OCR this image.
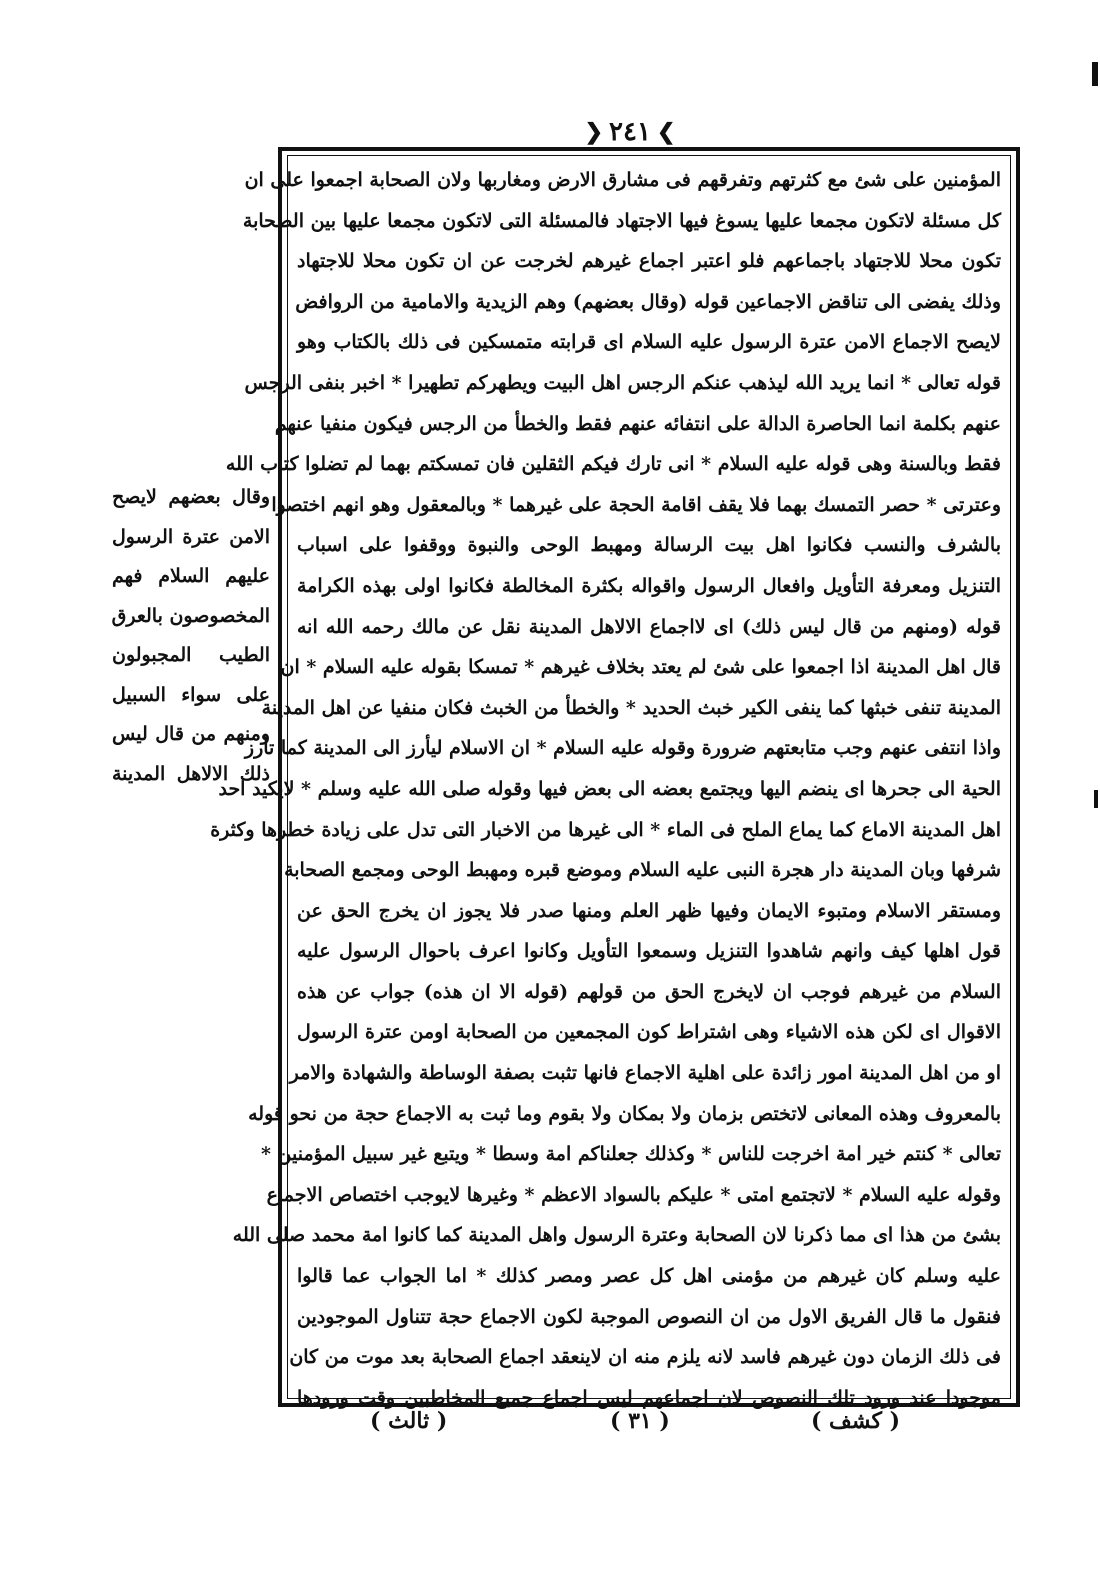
❯
٢٤١
❮
المؤمنين على شئ مع كثرتهم وتفرقهم فى مشارق الارض ومغاربها ولان الصحابة اجمعوا على ان
كل مسئلة لاتكون مجمعا عليها يسوغ فيها الاجتهاد فالمسئلة التى لاتكون مجمعا عليها بين الصحابة
تكون محلا للاجتهاد باجماعهم فلو اعتبر اجماع غيرهم لخرجت عن ان تكون محلا للاجتهاد
وذلك يفضى الى تناقض الاجماعين قوله (وقال بعضهم) وهم الزيدية والامامية من الروافض
لايصح الاجماع الامن عترة الرسول عليه السلام اى قرابته متمسكين فى ذلك بالكتاب وهو
قوله تعالى * انما يريد الله ليذهب عنكم الرجس اهل البيت ويطهركم تطهيرا * اخبر بنفى الرجس
عنهم بكلمة انما الحاصرة الدالة على انتفائه عنهم فقط والخطأ من الرجس فيكون منفيا عنهم
فقط وبالسنة وهى قوله عليه السلام * انى تارك فيكم الثقلين فان تمسكتم بهما لم تضلوا كتاب الله
وعترتى * حصر التمسك بهما فلا يقف اقامة الحجة على غيرهما * وبالمعقول وهو انهم اختصوا
بالشرف والنسب فكانوا اهل بيت الرسالة ومهبط الوحى والنبوة ووقفوا على اسباب
التنزيل ومعرفة التأويل وافعال الرسول واقواله بكثرة المخالطة فكانوا اولى بهذه الكرامة
قوله (ومنهم من قال ليس ذلك) اى لااجماع الالاهل المدينة نقل عن مالك رحمه الله انه
قال اهل المدينة اذا اجمعوا على شئ لم يعتد بخلاف غيرهم * تمسكا بقوله عليه السلام * ان
المدينة تنفى خبثها كما ينفى الكير خبث الحديد * والخطأ من الخبث فكان منفيا عن اهل المدينة
واذا انتفى عنهم وجب متابعتهم ضرورة وقوله عليه السلام * ان الاسلام ليأرز الى المدينة كما تأرز
الحية الى جحرها اى ينضم اليها ويجتمع بعضه الى بعض فيها وقوله صلى الله عليه وسلم * لايكيد احد
اهل المدينة الاماع كما يماع الملح فى الماء * الى غيرها من الاخبار التى تدل على زيادة خطرها وكثرة
شرفها وبان المدينة دار هجرة النبى عليه السلام وموضع قبره ومهبط الوحى ومجمع الصحابة
ومستقر الاسلام ومتبوء الايمان وفيها ظهر العلم ومنها صدر فلا يجوز ان يخرج الحق عن
قول اهلها كيف وانهم شاهدوا التنزيل وسمعوا التأويل وكانوا اعرف باحوال الرسول عليه
السلام من غيرهم فوجب ان لايخرج الحق من قولهم (قوله الا ان هذه) جواب عن هذه
الاقوال اى لكن هذه الاشياء وهى اشتراط كون المجمعين من الصحابة اومن عترة الرسول
او من اهل المدينة امور زائدة على اهلية الاجماع فانها تثبت بصفة الوساطة والشهادة والامر
بالمعروف وهذه المعانى لاتختص بزمان ولا بمكان ولا بقوم وما ثبت به الاجماع حجة من نحو قوله
تعالى * كنتم خير امة اخرجت للناس * وكذلك جعلناكم امة وسطا * ويتبع غير سبيل المؤمنين *
وقوله عليه السلام * لاتجتمع امتى * عليكم بالسواد الاعظم * وغيرها لايوجب اختصاص الاجماع
بشئ من هذا اى مما ذكرنا لان الصحابة وعترة الرسول واهل المدينة كما كانوا امة محمد صلى الله
عليه وسلم كان غيرهم من مؤمنى اهل كل عصر ومصر كذلك * اما الجواب عما قالوا
فنقول ما قال الفريق الاول من ان النصوص الموجبة لكون الاجماع حجة تتناول الموجودين
فى ذلك الزمان دون غيرهم فاسد لانه يلزم منه ان لاينعقد اجماع الصحابة بعد موت من كان
موجودا عند ورود تلك النصوص لان اجماعهم ليس اجماع جميع المخاطبين وقت ورودها
وقال بعضهم لايصح
الامن عترة الرسول
عليهم السلام فهم
المخصوصون بالعرق
الطيب المجبولون
على سواء السبيل
ومنهم من قال ليس
ذلك الالاهل المدينة
( كشف )
( ٣١ )
( ثالث )
